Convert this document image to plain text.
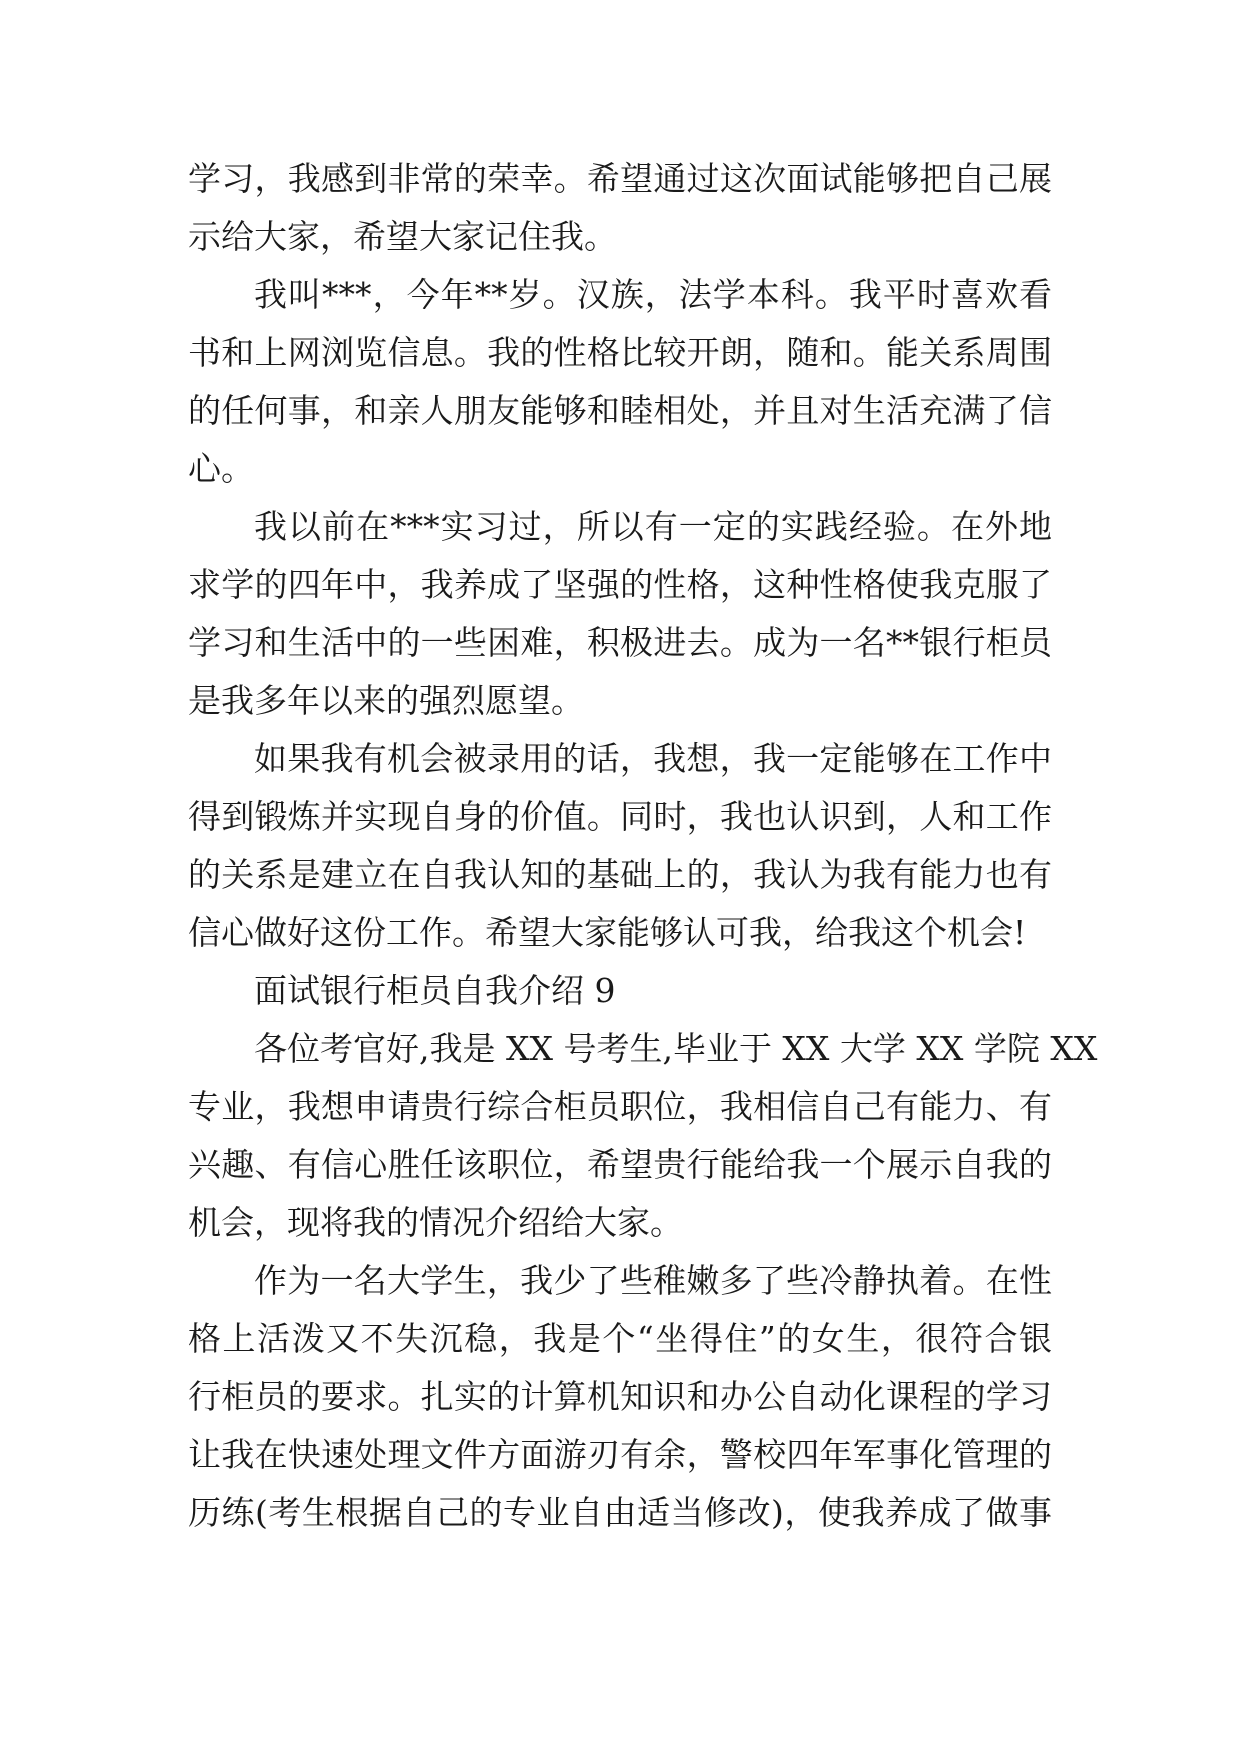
学习，我感到非常的荣幸。希望通过这次面试能够把自己展
示给大家，希望大家记住我。
我叫***，今年**岁。汉族，法学本科。我平时喜欢看
书和上网浏览信息。我的性格比较开朗，随和。能关系周围
的任何事，和亲人朋友能够和睦相处，并且对生活充满了信
心。
我以前在***实习过，所以有一定的实践经验。在外地
求学的四年中，我养成了坚强的性格，这种性格使我克服了
学习和生活中的一些困难，积极进去。成为一名**银行柜员
是我多年以来的强烈愿望。
如果我有机会被录用的话，我想，我一定能够在工作中
得到锻炼并实现自身的价值。同时，我也认识到，人和工作
的关系是建立在自我认知的基础上的，我认为我有能力也有
信心做好这份工作。希望大家能够认可我，给我这个机会!
面试银行柜员自我介绍 9
各位考官好,我是 XX 号考生,毕业于 XX 大学 XX 学院 XX
专业，我想申请贵行综合柜员职位，我相信自己有能力、有
兴趣、有信心胜任该职位，希望贵行能给我一个展示自我的
机会，现将我的情况介绍给大家。
作为一名大学生，我少了些稚嫩多了些冷静执着。在性
格上活泼又不失沉稳，我是个“坐得住”的女生，很符合银
行柜员的要求。扎实的计算机知识和办公自动化课程的学习
让我在快速处理文件方面游刃有余，警校四年军事化管理的
历练(考生根据自己的专业自由适当修改)，使我养成了做事
